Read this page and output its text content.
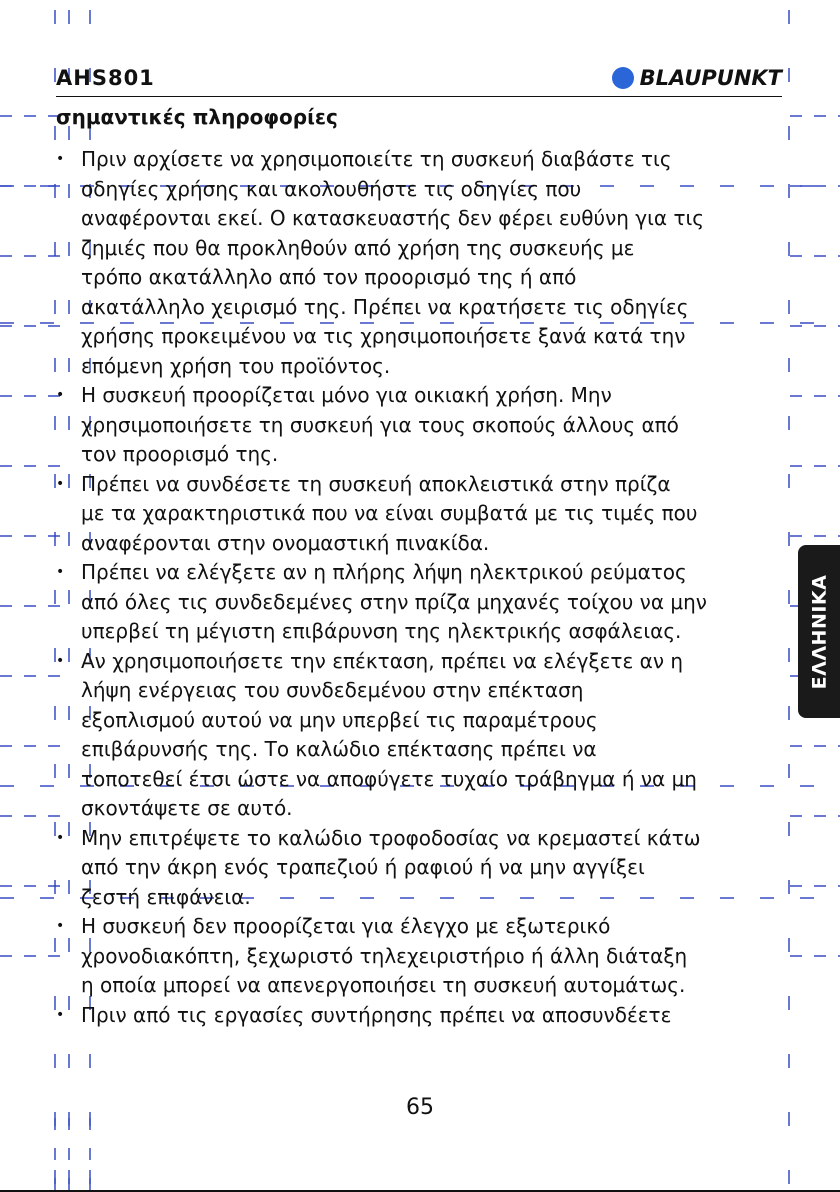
AHS801	BLAUPUNKT
σημαντικές πληροφορίες
• Πριν αρχίσετε να χρησιμοποιείτε τη συσκευή διαβάστε τις
οδηγίες χρήσης και ακολουθήστε τις οδηγίες που
αναφέρονται εκεί. Ο κατασκευαστής δεν φέρει ευθύνη για τις
ζημιές που θα προκληθούν από χρήση της συσκευής με
τρόπο ακατάλληλο από τον προορισμό της ή από
ακατάλληλο χειρισμό της. Πρέπει να κρατήσετε τις οδηγίες
χρήσης προκειμένου να τις χρησιμοποιήσετε ξανά κατά την
επόμενη χρήση του προϊόντος.
• Η συσκευή προορίζεται μόνο για οικιακή χρήση. Μην
χρησιμοποιήσετε τη συσκευή για τους σκοπούς άλλους από
τον προορισμό της.
• Πρέπει να συνδέσετε τη συσκευή αποκλειστικά στην πρίζα
με τα χαρακτηριστικά που να είναι συμβατά με τις τιμές που
αναφέρονται στην ονομαστική πινακίδα.
• Πρέπει να ελέγξετε αν η πλήρης λήψη ηλεκτρικού ρεύματος
από όλες τις συνδεδεμένες στην πρίζα μηχανές τοίχου να μην
υπερβεί τη μέγιστη επιβάρυνση της ηλεκτρικής ασφάλειας.
• Αν χρησιμοποιήσετε την επέκταση, πρέπει να ελέγξετε αν η
λήψη ενέργειας του συνδεδεμένου στην επέκταση
εξοπλισμού αυτού να μην υπερβεί τις παραμέτρους
επιβάρυνσής της. Το καλώδιο επέκτασης πρέπει να
τοποτεθεί έτσι ώστε να αποφύγετε τυχαίο τράβηγμα ή να μη
σκοντάψετε σε αυτό.
• Μην επιτρέψετε το καλώδιο τροφοδοσίας να κρεμαστεί κάτω
από την άκρη ενός τραπεζιού ή ραφιού ή να μην αγγίξει
ζεστή επιφάνεια.
• Η συσκευή δεν προορίζεται για έλεγχο με εξωτερικό
χρονοδιακόπτη, ξεχωριστό τηλεχειριστήριο ή άλλη διάταξη
η οποία μπορεί να απενεργοποιήσει τη συσκευή αυτομάτως.
• Πριν από τις εργασίες συντήρησης πρέπει να αποσυνδέετε
ΕΛΛΗΝΙΚΑ
65
